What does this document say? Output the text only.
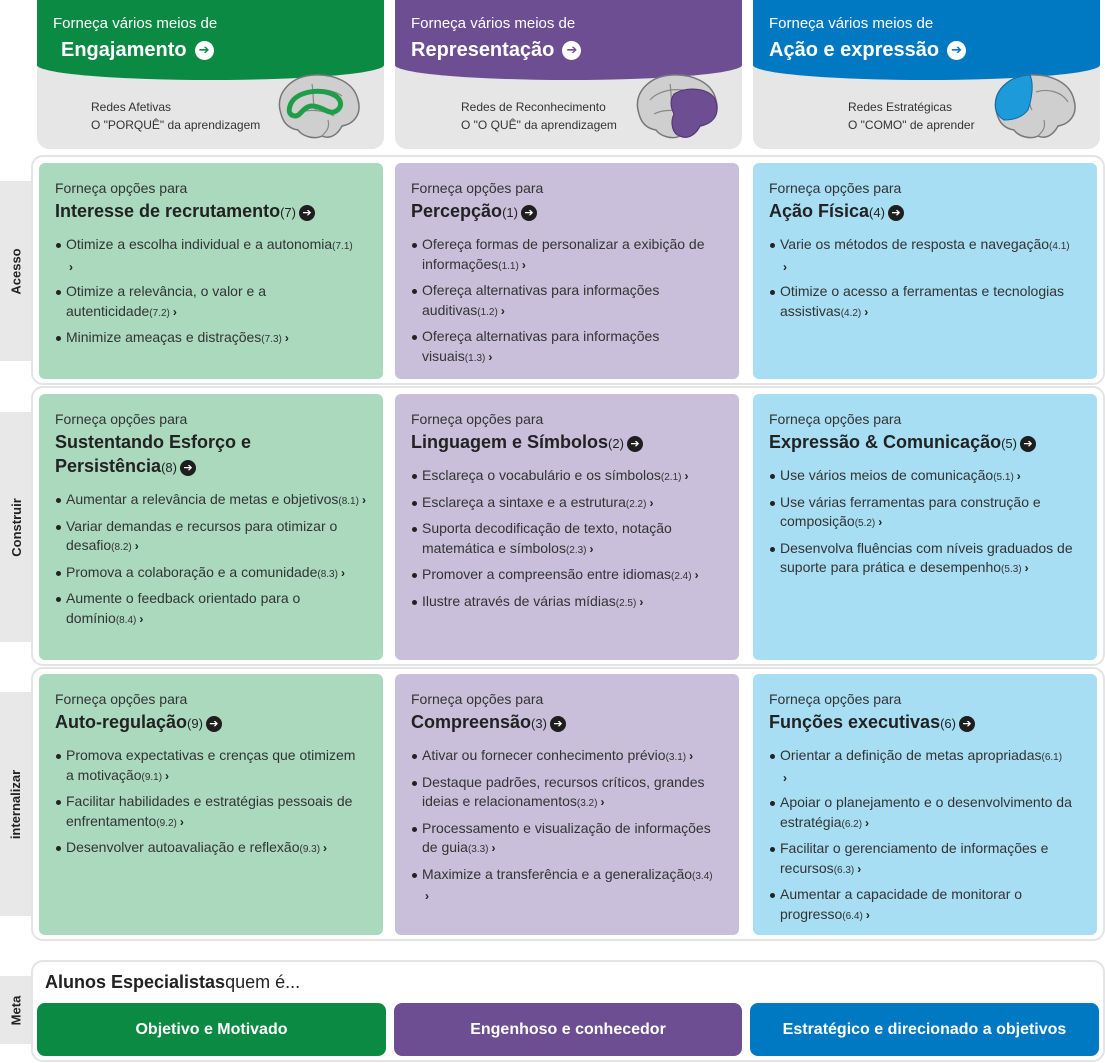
Forneça vários meios de
Engajamento ➔
Redes Afetivas
O "PORQUÊ" da aprendizagem
Forneça vários meios de
Representação ➔
Redes de Reconhecimento
O "O QUÊ" da aprendizagem
Forneça vários meios de
Ação e expressão ➔
Redes Estratégicas
O "COMO" de aprender
Acesso
Construir
internalizar
Forneça opções para
Interesse de recrutamento(7) ➔
Otimize a escolha individual e a autonomia(7.1)
›
Otimize a relevância, o valor e a autenticidade(7.2) ›
Minimize ameaças e distrações(7.3) ›
Forneça opções para
Percepção(1) ➔
Ofereça formas de personalizar a exibição de informações(1.1) ›
Ofereça alternativas para informações auditivas(1.2) ›
Ofereça alternativas para informações visuais(1.3) ›
Forneça opções para
Ação Física(4) ➔
Varie os métodos de resposta e navegação(4.1)
›
Otimize o acesso a ferramentas e tecnologias assistivas(4.2) ›
Forneça opções para
Sustentando Esforço e Persistência(8) ➔
Aumentar a relevância de metas e objetivos(8.1) ›
Variar demandas e recursos para otimizar o desafio(8.2) ›
Promova a colaboração e a comunidade(8.3) ›
Aumente o feedback orientado para o domínio(8.4) ›
Forneça opções para
Linguagem e Símbolos(2) ➔
Esclareça o vocabulário e os símbolos(2.1) ›
Esclareça a sintaxe e a estrutura(2.2) ›
Suporta decodificação de texto, notação matemática e símbolos(2.3) ›
Promover a compreensão entre idiomas(2.4) ›
Ilustre através de várias mídias(2.5) ›
Forneça opções para
Expressão & Comunicação(5) ➔
Use vários meios de comunicação(5.1) ›
Use várias ferramentas para construção e composição(5.2) ›
Desenvolva fluências com níveis graduados de suporte para prática e desempenho(5.3) ›
Forneça opções para
Auto-regulação(9) ➔
Promova expectativas e crenças que otimizem a motivação(9.1) ›
Facilitar habilidades e estratégias pessoais de enfrentamento(9.2) ›
Desenvolver autoavaliação e reflexão(9.3) ›
Forneça opções para
Compreensão(3) ➔
Ativar ou fornecer conhecimento prévio(3.1) ›
Destaque padrões, recursos críticos, grandes ideias e relacionamentos(3.2) ›
Processamento e visualização de informações de guia(3.3) ›
Maximize a transferência e a generalização(3.4)
›
Forneça opções para
Funções executivas(6) ➔
Orientar a definição de metas apropriadas(6.1)
›
Apoiar o planejamento e o desenvolvimento da estratégia(6.2) ›
Facilitar o gerenciamento de informações e recursos(6.3) ›
Aumentar a capacidade de monitorar o progresso(6.4) ›
Meta
Alunos Especialistasquem é...
Objetivo e Motivado	Engenhoso e conhecedor	Estratégico e direcionado a objetivos
